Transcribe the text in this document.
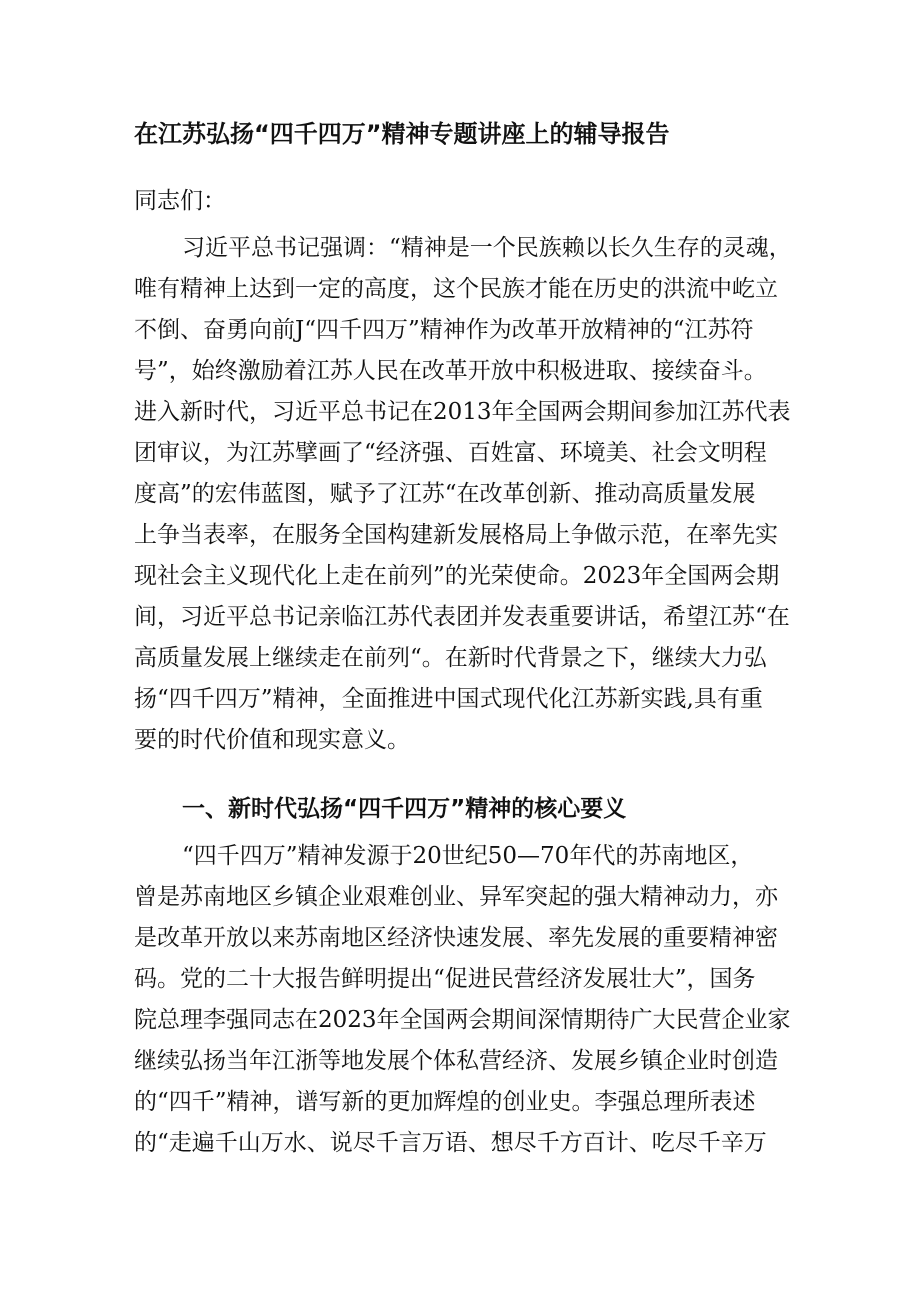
在江苏弘扬“四千四万”精神专题讲座上的辅导报告
同志们：
习近平总书记强调：“精神是一个民族赖以长久生存的灵魂，
唯有精神上达到一定的高度，这个民族才能在历史的洪流中屹立
不倒、奋勇向前J“四千四万”精神作为改革开放精神的“江苏符
号”，始终激励着江苏人民在改革开放中积极进取、接续奋斗。
进入新时代，习近平总书记在2013年全国两会期间参加江苏代表
团审议，为江苏擘画了“经济强、百姓富、环境美、社会文明程
度高”的宏伟蓝图，赋予了江苏“在改革创新、推动高质量发展
上争当表率，在服务全国构建新发展格局上争做示范，在率先实
现社会主义现代化上走在前列”的光荣使命。2023年全国两会期
间，习近平总书记亲临江苏代表团并发表重要讲话，希望江苏“在
高质量发展上继续走在前列“。在新时代背景之下，继续大力弘
扬“四千四万”精神，全面推进中国式现代化江苏新实践,具有重
要的时代价值和现实意义。
一、新时代弘扬“四千四万”精神的核心要义
“四千四万”精神发源于20世纪50—70年代的苏南地区，
曾是苏南地区乡镇企业艰难创业、异军突起的强大精神动力，亦
是改革开放以来苏南地区经济快速发展、率先发展的重要精神密
码。党的二十大报告鲜明提出“促进民营经济发展壮大”，国务
院总理李强同志在2023年全国两会期间深情期待广大民营企业家
继续弘扬当年江浙等地发展个体私营经济、发展乡镇企业时创造
的“四千”精神，谱写新的更加辉煌的创业史。李强总理所表述
的“走遍千山万水、说尽千言万语、想尽千方百计、吃尽千辛万
